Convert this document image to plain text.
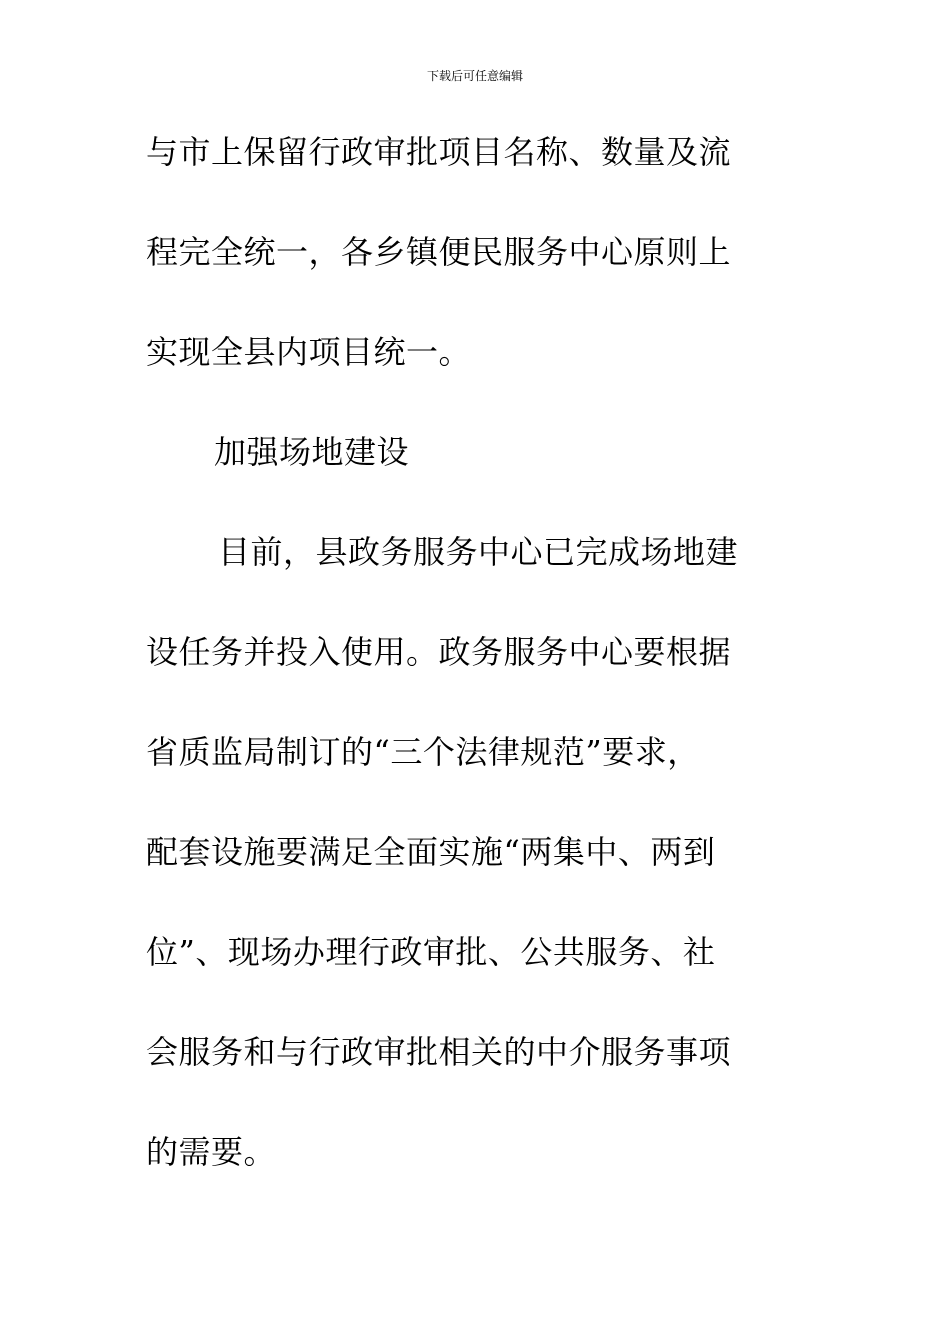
下载后可任意编辑
与市上保留行政审批项目名称、数量及流
程完全统一，各乡镇便民服务中心原则上
实现全县内项目统一。
加强场地建设
目前，县政务服务中心已完成场地建
设任务并投入使用。政务服务中心要根据
省质监局制订的“三个法律规范”要求，
配套设施要满足全面实施“两集中、两到
位”、现场办理行政审批、公共服务、社
会服务和与行政审批相关的中介服务事项
的需要。
